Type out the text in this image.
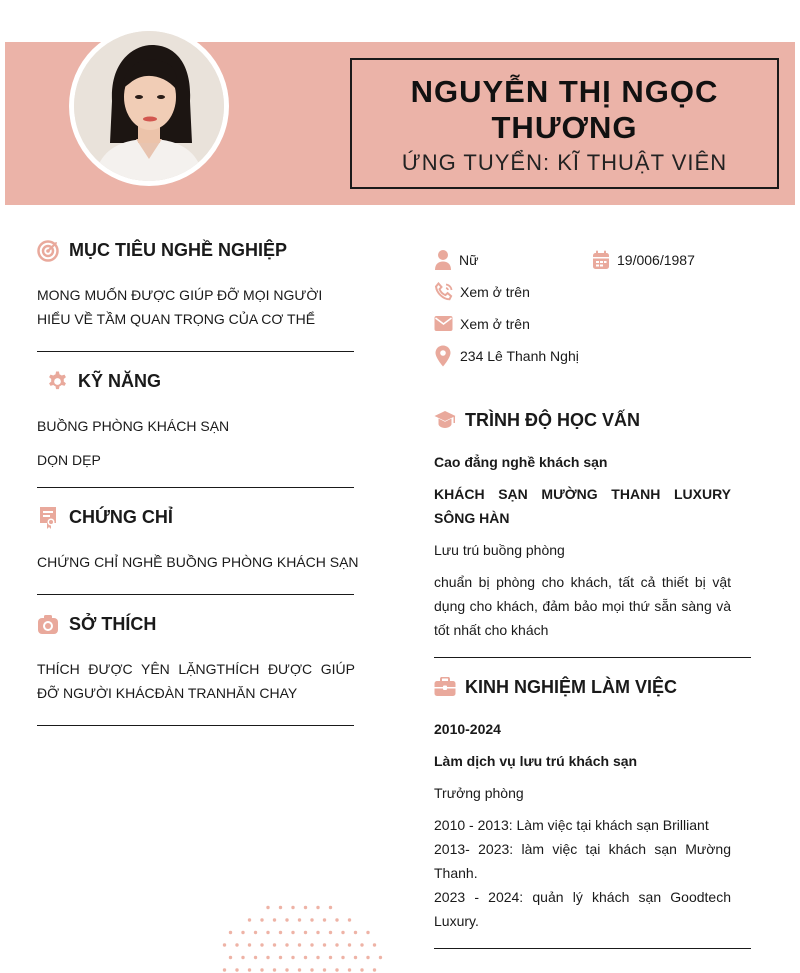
NGUYỄN THỊ NGỌC THƯƠNG
ỨNG TUYỂN: KĨ THUẬT VIÊN
MỤC TIÊU NGHỀ NGHIỆP
MONG MUỐN ĐƯỢC GIÚP ĐỠ MỌI NGƯỜI HIỂU VỀ TẦM QUAN TRỌNG CỦA CƠ THỂ
KỸ NĂNG
BUỒNG PHÒNG KHÁCH SẠN
DỌN DẸP
CHỨNG CHỈ
CHỨNG CHỈ NGHỀ BUỒNG PHÒNG KHÁCH SẠN
SỞ THÍCH
THÍCH ĐƯỢC YÊN LẶNGTHÍCH ĐƯỢC GIÚP ĐỠ NGƯỜI KHÁCĐÀN TRANHĂN CHAY
Nữ	19/006/1987
Xem ở trên
Xem ở trên
234 Lê Thanh Nghị
TRÌNH ĐỘ HỌC VẤN
Cao đẳng nghề khách sạn
KHÁCH SẠN MƯỜNG THANH LUXURY SÔNG HÀN
Lưu trú buồng phòng
chuẩn bị phòng cho khách, tất cả thiết bị vật dụng cho khách, đảm bảo mọi thứ sẵn sàng và tốt nhất cho khách
KINH NGHIỆM LÀM VIỆC
2010-2024
Làm dịch vụ lưu trú khách sạn
Trưởng phòng
2010 - 2013: Làm việc tại khách sạn Brilliant
2013- 2023: làm việc tại khách sạn Mường Thanh.
2023 - 2024: quản lý khách sạn Goodtech Luxury.
